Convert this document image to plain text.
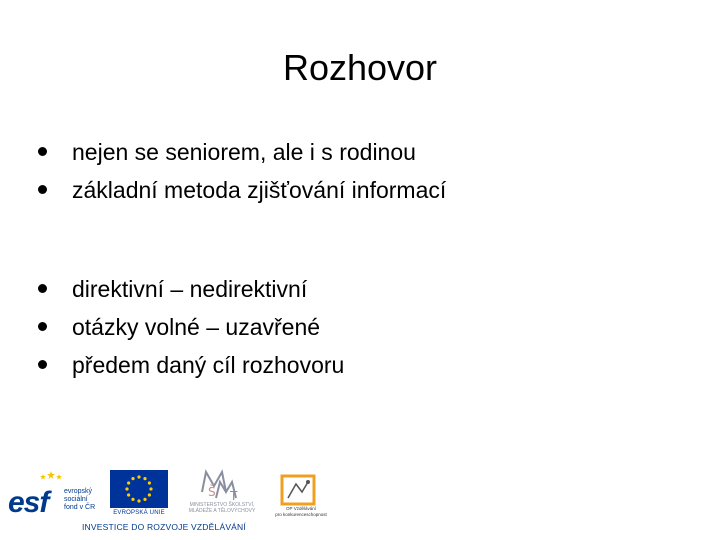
Rozhovor
nejen se seniorem, ale i s rodinou
základní metoda zjišťování informací
direktivní – nedirektivní
otázky volné – uzavřené
předem daný cíl rozhovoru
esf evropský
sociální
fond v ČR
EVROPSKÁ UNIE
Š T
MINISTERSTVO ŠKOLSTVÍ,
MLÁDEŽE A TĚLOVÝCHOVY	OP Vzdělávání
pro konkurenceschopnost
INVESTICE DO ROZVOJE VZDĚLÁVÁNÍ
